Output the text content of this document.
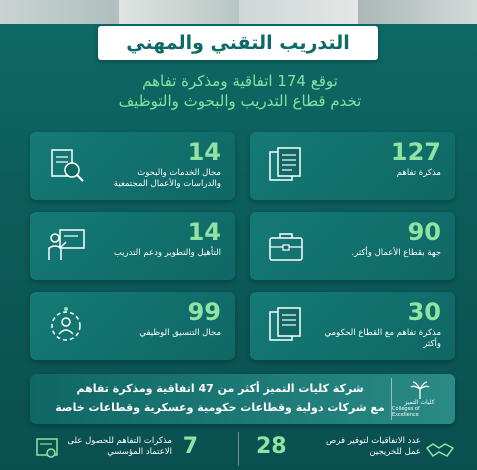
التدريب التقني والمهني
توقع 174 اتفاقية ومذكرة تفاهم
تخدم قطاع التدريب والبحوث والتوظيف
127
مذكرة تفاهم
14
مجال الخدمات والبحوث والدراسات والأعمال المجتمعية
90
جهة بقطاع الأعمال وأكثر.
14
التأهيل والتطوير ودعم التدريب
30
مذكرة تفاهم مع القطاع الحكومي وأكثر
99
مجال التنسيق الوظيفي
شركة كليات التميز أكثر من 47 اتفاقية ومذكرة تفاهم
مع شركات دولية وقطاعات حكومية وعسكرية وقطاعات خاصة	كليات التميز
Colleges of Excellence
عدد الاتفاقيات لتوفير فرص عمل للخريجين
28
مذكرات التفاهم للحصول على الاعتماد المؤسسي 7
